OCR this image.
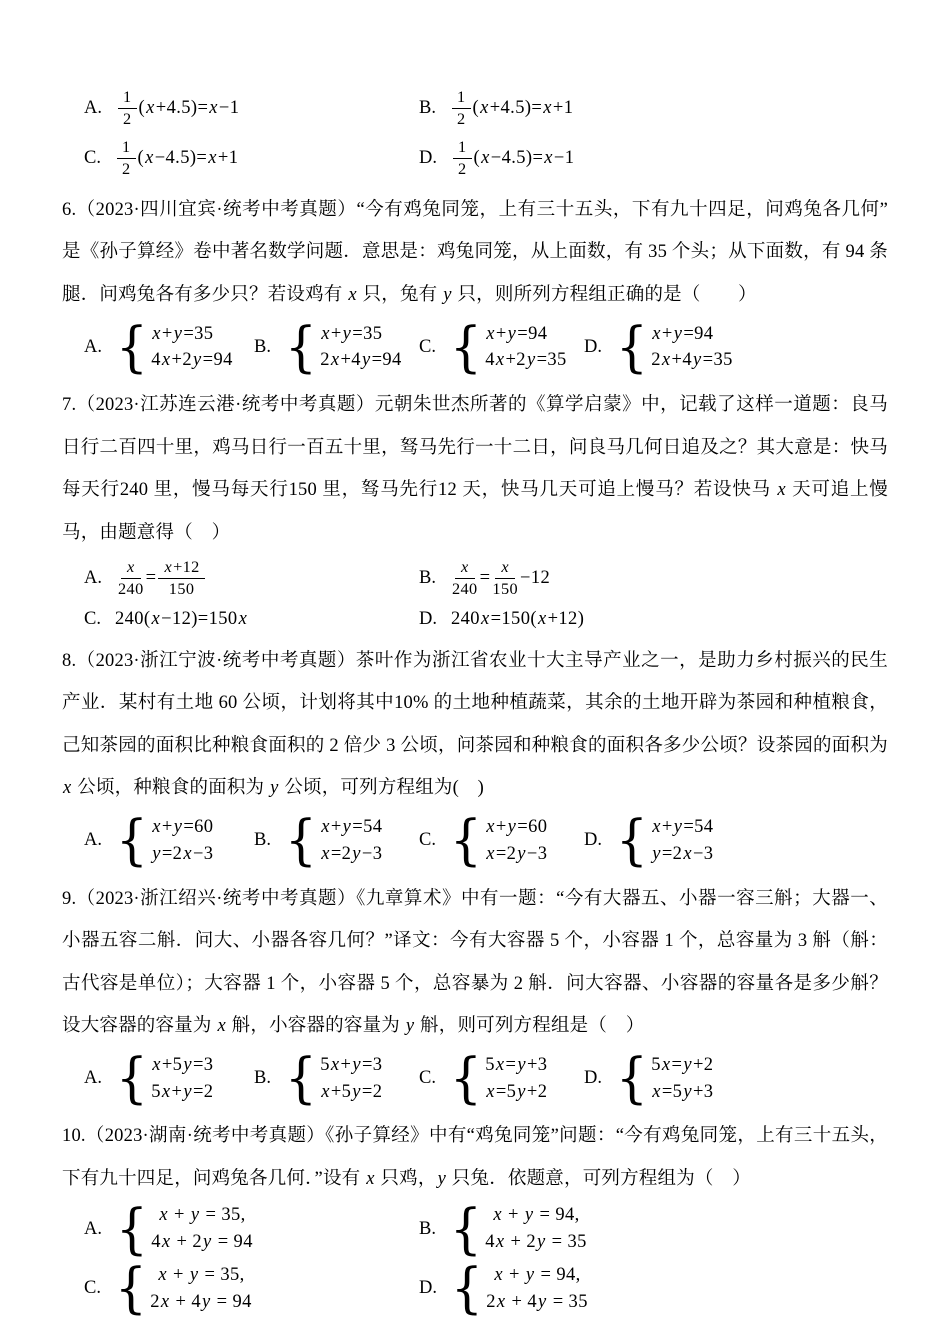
A. $\frac{1}{2}$ ( x +4.5)= x −1	B. $\frac{1}{2}$ ( x +4.5)= x +1
C. $\frac{1}{2}$ ( x −4.5)= x +1	D. $\frac{1}{2}$ ( x −4.5)= x −1

6.（2023·四川宜宾·统考中考真题）“今有鸡兔同笼，上有三十五头，下有九十四足，问鸡兔各几何”是《孙子算经》卷中著名数学问题．意思是：鸡兔同笼，从上面数，有 35 个头；从下面数，有 94 条腿．问鸡兔各有多少只？若设鸡有 x 只，兔有 y 只，则所列方程组正确的是（　　）

A. { x+y=35
4x+2y=94
B. { x+y=35
2x+4y=94
C. { x+y=94
4x+2y=35
D. { x+y=94
2x+4y=35

7.（2023·江苏连云港·统考中考真题）元朝朱世杰所著的《算学启蒙》中，记载了这样一道题：良马日行二百四十里，鸡马日行一百五十里，驽马先行一十二日，问良马几何日追及之？其大意是：快马每天行240 里，慢马每天行150 里，驽马先行12 天，快马几天可追上慢马？若设快马 x 天可追上慢马，由题意得（　）

A. $\frac{x}{240} = \frac{x+12}{150}$	B. $\frac{x}{240} = \frac{x}{150} -12$
C. 240( x −12)=150 x	D. 240 x =150( x +12)

8.（2023·浙江宁波·统考中考真题）茶叶作为浙江省农业十大主导产业之一，是助力乡村振兴的民生产业．某村有土地 60 公顷，计划将其中10% 的土地种植蔬菜，其余的土地开辟为茶园和种植粮食，己知茶园的面积比种粮食面积的 2 倍少 3 公顷，问茶园和种粮食的面积各多少公顷？设茶园的面积为 x 公顷，种粮食的面积为 y 公顷，可列方程组为(　)

A. { x+y=60
y=2x−3
B. { x+y=54
x=2y−3
C. { x+y=60
x=2y−3
D. { x+y=54
y=2x−3

9.（2023·浙江绍兴·统考中考真题）《九章算术》中有一题：“今有大器五、小器一容三斛；大器一、小器五容二斛．问大、小器各容几何？”译文：今有大容器 5 个，小容器 1 个，总容量为 3 斛（斛：古代容是单位）；大容器 1 个，小容器 5 个，总容暴为 2 斛．问大容器、小容器的容量各是多少斛？设大容器的容量为 x 斛，小容器的容量为 y 斛，则可列方程组是（　）

A. { x+5y=3
5x+y=2
B. { 5x+y=3
x+5y=2
C. { 5x=y+3
x=5y+2
D. { 5x=y+2
x=5y+3

10.（2023·湖南·统考中考真题）《孙子算经》中有“鸡兔同笼”问题：“今有鸡兔同笼，上有三十五头，下有九十四足，问鸡兔各几何．”设有 x 只鸡，y 只兔．依题意，可列方程组为（　）

A. { x + y = 35,
4x + 2y = 94
B. { x + y = 94,
4x + 2y = 35
C. { x + y = 35,
2x + 4y = 94
D. { x + y = 94,
2x + 4y = 35
